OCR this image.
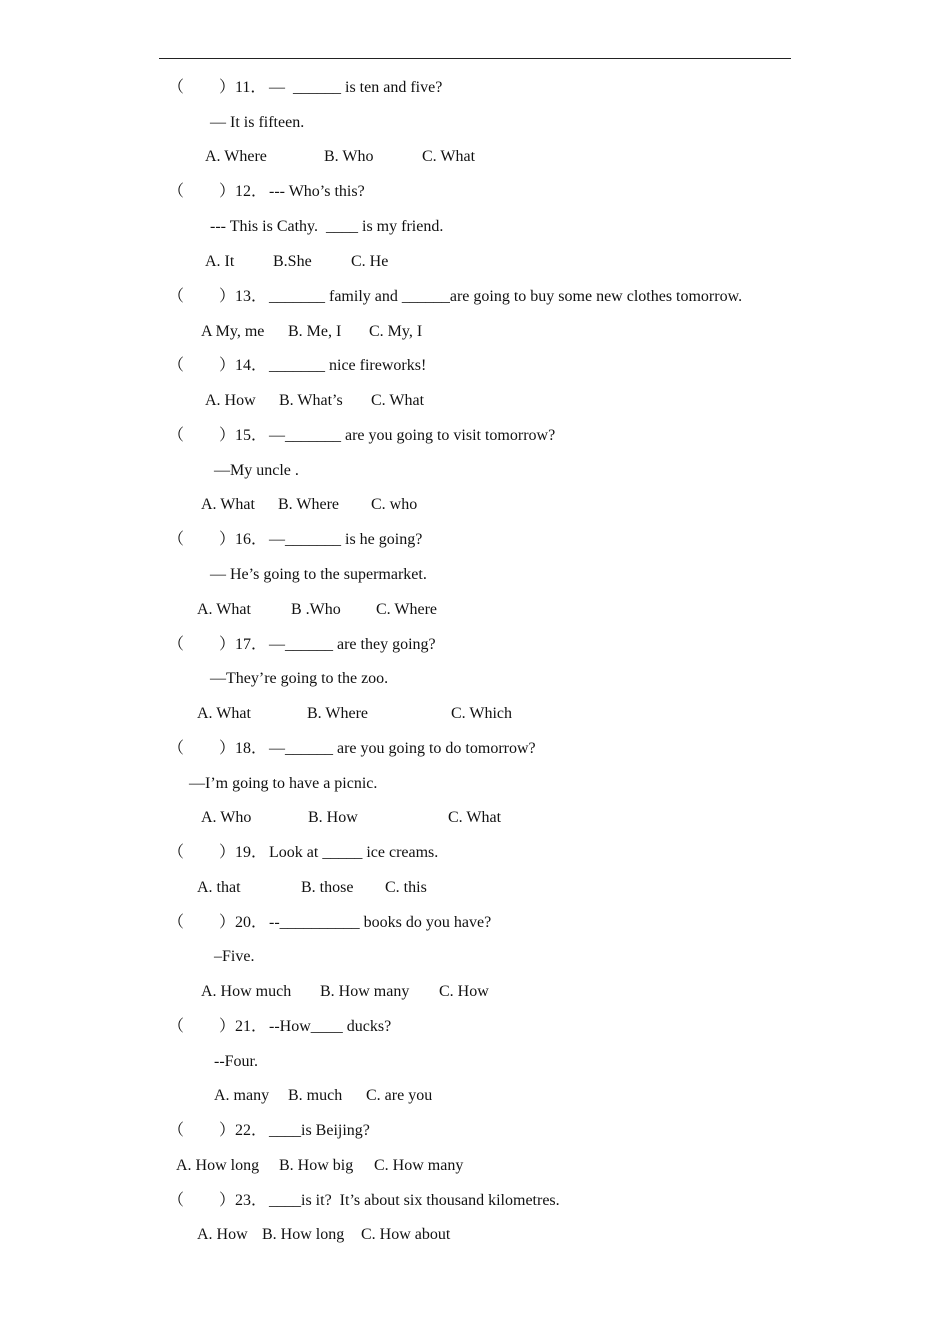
（

）

11．

—  ______ is ten and five?

— It is fifteen.
A. Where	B. Who	C. What

（

）

12．

--- Who’s this?

--- This is Cathy.  ____ is my friend.
A. It B.She C. He

（

）

13．

_______ family and ______are going to buy some new clothes tomorrow.

A My, me B. Me, I C. My, I

（

）

14．

_______ nice fireworks!

A. How B. What’s C. What

（

）

15．

—_______ are you going to visit tomorrow?

—My uncle .
A. What B. Where C. who

（

）

16．

—_______ is he going?

— He’s going to the supermarket.
A. What	B .Who C. Where

（

）

17．

—______ are they going?

—They’re going to the zoo.
A. What	B. Where	C. Which

（

）

18．

—______ are you going to do tomorrow?

—I’m going to have a picnic.
A. Who	B. How	C. What

（

）

19．

Look at _____ ice creams.

A. that	B. those C. this

（

）

20．

--__________ books do you have?

–Five.
A. How much B. How many C. How

（

）

21．

--How____ ducks?

--Four.
A. many B. much C. are you

（

）

22．

____is Beijing?

A. How long B. How big C. How many

（

）

23．

____is it?  It’s about six thousand kilometres.

A. How B. How long C. How about
